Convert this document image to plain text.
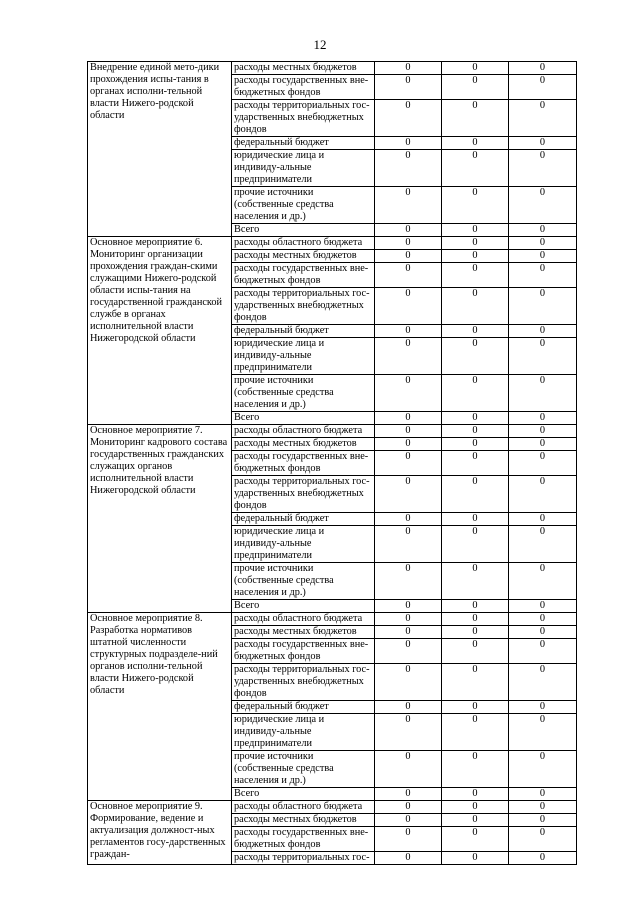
12
Внедрение единой мето-дики прохождения испы-тания в органах исполни-тельной власти Нижего-родской области	расходы местных бюджетов	0	0	0
	расходы государственных вне-бюджетных фондов	0	0	0
	расходы территориальных гос-ударственных внебюджетных фондов	0	0	0
	федеральный бюджет	0	0	0
	юридические лица и индивиду-альные предприниматели	0	0	0
	прочие источники (собственные средства населения и др.)	0	0	0
	Всего	0	0	0
Основное мероприятие 6. Мониторинг организации прохождения граждан-скими служащими Нижего-родской области испы-тания на государственной гражданской службе в органах исполнительной власти Нижегородской области	расходы областного бюджета	0	0	0
	расходы местных бюджетов	0	0	0
	расходы государственных вне-бюджетных фондов	0	0	0
	расходы территориальных гос-ударственных внебюджетных фондов	0	0	0
	федеральный бюджет	0	0	0
	юридические лица и индивиду-альные предприниматели	0	0	0
	прочие источники (собственные средства населения и др.)	0	0	0
	Всего	0	0	0
Основное мероприятие 7. Мониторинг кадрового состава государственных гражданских служащих органов исполнительной власти Нижегородской области	расходы областного бюджета	0	0	0
	расходы местных бюджетов	0	0	0
	расходы государственных вне-бюджетных фондов	0	0	0
	расходы территориальных гос-ударственных внебюджетных фондов	0	0	0
	федеральный бюджет	0	0	0
	юридические лица и индивиду-альные предприниматели	0	0	0
	прочие источники (собственные средства населения и др.)	0	0	0
	Всего	0	0	0
Основное мероприятие 8. Разработка нормативов штатной численности структурных подразделе-ний органов исполни-тельной власти Нижего-родской области	расходы областного бюджета	0	0	0
	расходы местных бюджетов	0	0	0
	расходы государственных вне-бюджетных фондов	0	0	0
	расходы территориальных гос-ударственных внебюджетных фондов	0	0	0
	федеральный бюджет	0	0	0
	юридические лица и индивиду-альные предприниматели	0	0	0
	прочие источники (собственные средства населения и др.)	0	0	0
	Всего	0	0	0
Основное мероприятие 9. Формирование, ведение и актуализация должност-ных регламентов госу-дарственных граждан-	расходы областного бюджета	0	0	0
	расходы местных бюджетов	0	0	0
	расходы государственных вне-бюджетных фондов	0	0	0
	расходы территориальных гос-	0	0	0
